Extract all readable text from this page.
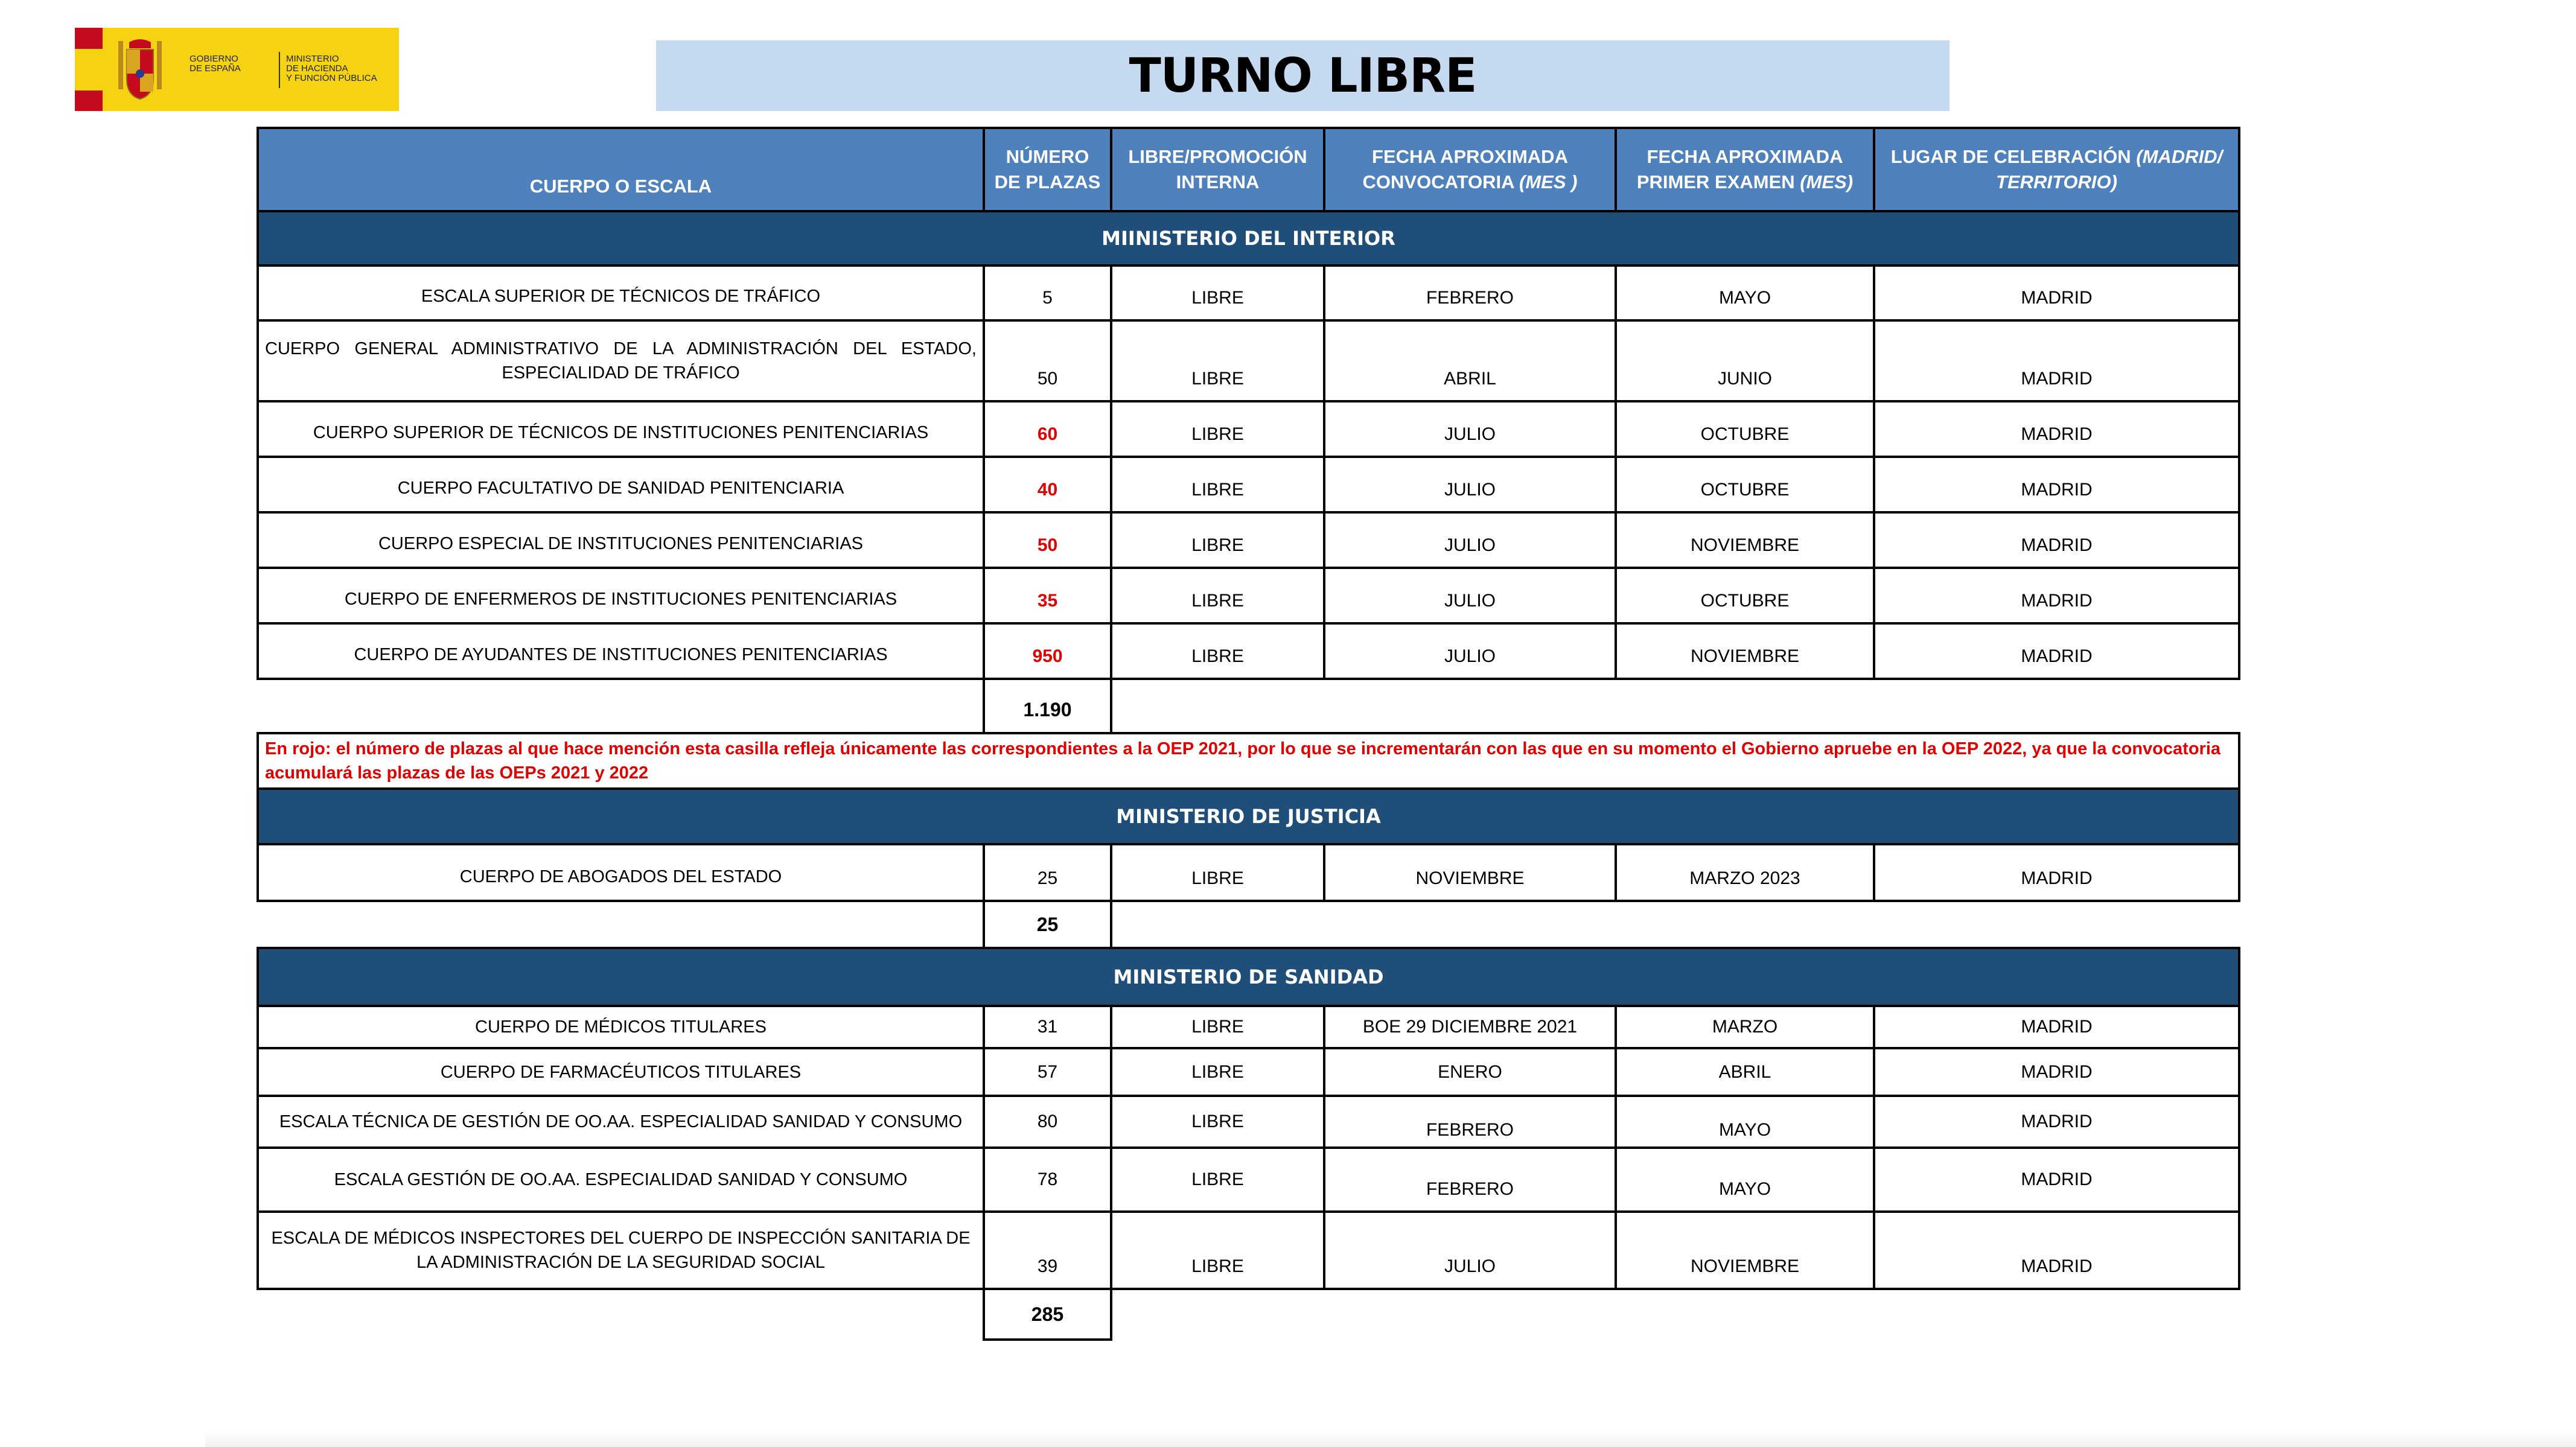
GOBIERNO
DE ESPAÑA
MINISTERIO
DE HACIENDA
Y FUNCIÓN PÚBLICA	TURNO LIBRE
CUERPO O ESCALA	NÚMERO DE PLAZAS	LIBRE/PROMOCIÓN INTERNA	FECHA APROXIMADA CONVOCATORIA (MES )	FECHA APROXIMADA PRIMER EXAMEN (MES)	LUGAR DE CELEBRACIÓN (MADRID/ TERRITORIO)
MIINISTERIO DEL INTERIOR					
ESCALA SUPERIOR DE TÉCNICOS DE TRÁFICO	5	LIBRE	FEBRERO	MAYO	MADRID
CUERPO GENERAL ADMINISTRATIVO DE LA ADMINISTRACIÓN DEL ESTADO, ESPECIALIDAD DE TRÁFICO	50	LIBRE	ABRIL	JUNIO	MADRID
CUERPO SUPERIOR DE TÉCNICOS DE INSTITUCIONES PENITENCIARIAS	60	LIBRE	JULIO	OCTUBRE	MADRID
CUERPO FACULTATIVO DE SANIDAD PENITENCIARIA	40	LIBRE	JULIO	OCTUBRE	MADRID
CUERPO ESPECIAL DE INSTITUCIONES PENITENCIARIAS	50	LIBRE	JULIO	NOVIEMBRE	MADRID
CUERPO DE ENFERMEROS DE INSTITUCIONES PENITENCIARIAS	35	LIBRE	JULIO	OCTUBRE	MADRID
CUERPO DE AYUDANTES DE INSTITUCIONES PENITENCIARIAS	950	LIBRE	JULIO	NOVIEMBRE	MADRID
	1.190				
En rojo: el número de plazas al que hace mención esta casilla refleja únicamente las correspondientes a la OEP 2021, por lo que se incrementarán con las que en su momento el Gobierno apruebe en la OEP 2022, ya que la convocatoria acumulará las plazas de las OEPs 2021 y 2022					
MINISTERIO DE JUSTICIA					
CUERPO DE ABOGADOS DEL ESTADO	25	LIBRE	NOVIEMBRE	MARZO 2023	MADRID
	25				
MINISTERIO DE SANIDAD					
CUERPO DE MÉDICOS TITULARES	31	LIBRE	BOE 29 DICIEMBRE 2021	MARZO	MADRID
CUERPO DE FARMACÉUTICOS TITULARES	57	LIBRE	ENERO	ABRIL	MADRID
ESCALA TÉCNICA DE GESTIÓN DE OO.AA. ESPECIALIDAD SANIDAD Y CONSUMO	80	LIBRE	FEBRERO	MAYO	MADRID
ESCALA GESTIÓN DE OO.AA. ESPECIALIDAD SANIDAD Y CONSUMO	78	LIBRE	FEBRERO	MAYO	MADRID
ESCALA DE MÉDICOS INSPECTORES DEL CUERPO DE INSPECCIÓN SANITARIA DE LA ADMINISTRACIÓN DE LA SEGURIDAD SOCIAL	39	LIBRE	JULIO	NOVIEMBRE	MADRID
	285				
